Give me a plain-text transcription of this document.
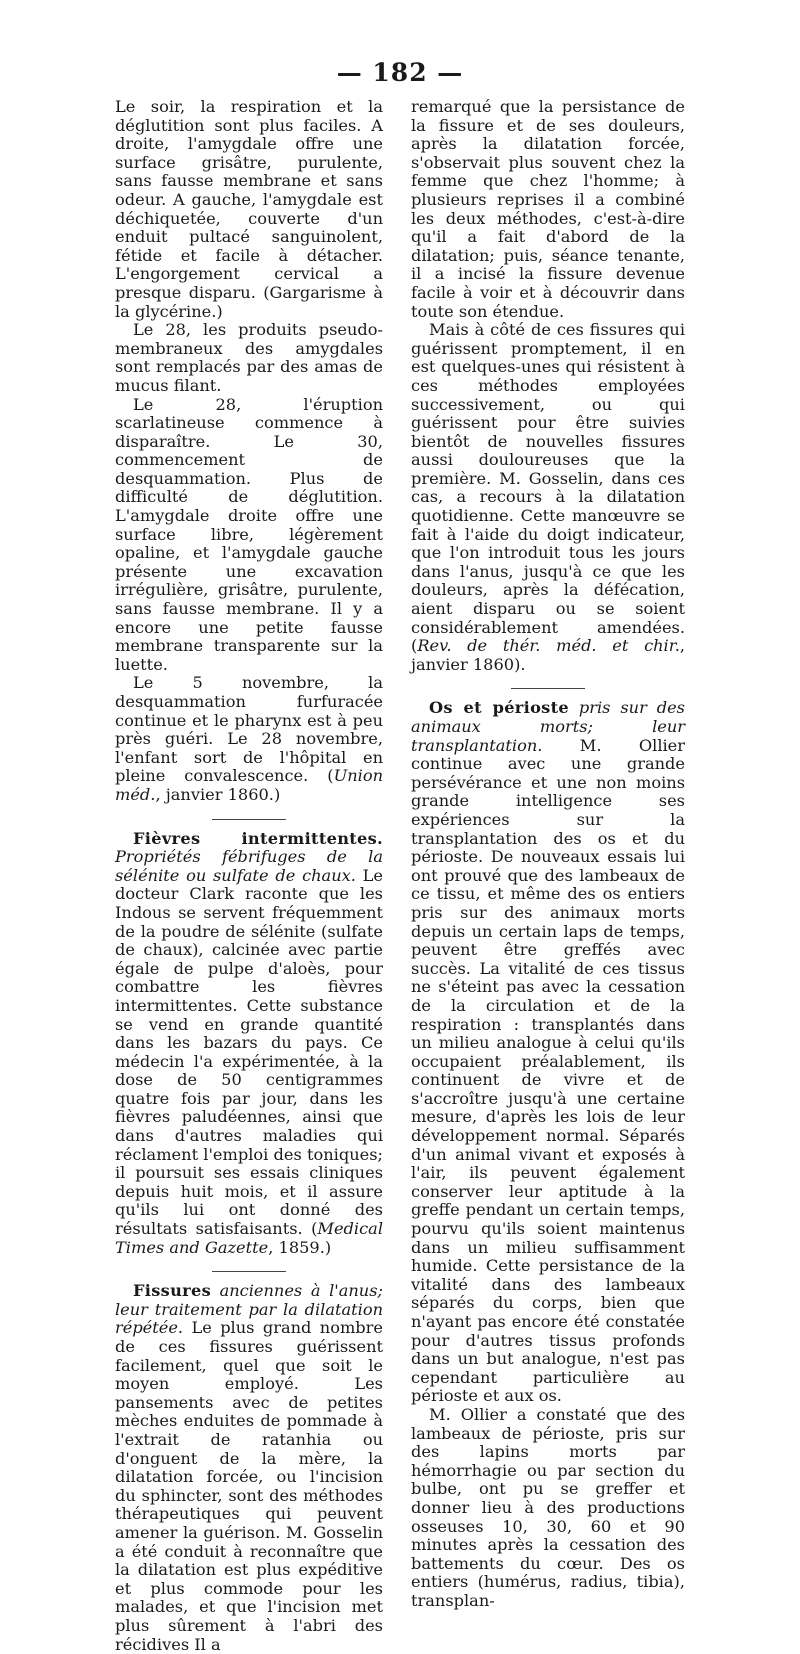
— 182 —

Le soir, la respiration et la déglutition sont plus faciles. A droite, l'amygdale offre une surface grisâtre, purulente, sans fausse membrane et sans odeur. A gauche, l'amygdale est déchiquetée, couverte d'un enduit pultacé sanguinolent, fétide et facile à détacher. L'engorgement cervical a presque disparu. (Gargarisme à la glycérine.)

Le 28, les produits pseudo-membraneux des amygdales sont remplacés par des amas de mucus filant.

Le 28, l'éruption scarlatineuse commence à disparaître. Le 30, commencement de desquammation. Plus de difficulté de déglutition. L'amygdale droite offre une surface libre, légèrement opaline, et l'amygdale gauche présente une excavation irrégulière, grisâtre, purulente, sans fausse membrane. Il y a encore une petite fausse membrane transparente sur la luette.

Le 5 novembre, la desquammation furfuracée continue et le pharynx est à peu près guéri. Le 28 novembre, l'enfant sort de l'hôpital en pleine convalescence. (Union méd., janvier 1860.)

Fièvres intermittentes. Propriétés fébrifuges de la sélénite ou sulfate de chaux. Le docteur Clark raconte que les Indous se servent fréquemment de la poudre de sélénite (sulfate de chaux), calcinée avec partie égale de pulpe d'aloès, pour combattre les fièvres intermittentes. Cette substance se vend en grande quantité dans les bazars du pays. Ce médecin l'a expérimentée, à la dose de 50 centigrammes quatre fois par jour, dans les fièvres paludéennes, ainsi que dans d'autres maladies qui réclament l'emploi des toniques; il poursuit ses essais cliniques depuis huit mois, et il assure qu'ils lui ont donné des résultats satisfaisants. (Medical Times and Gazette, 1859.)

Fissures anciennes à l'anus; leur traitement par la dilatation répétée. Le plus grand nombre de ces fissures guérissent facilement, quel que soit le moyen employé. Les pansements avec de petites mèches enduites de pommade à l'extrait de ratanhia ou d'onguent de la mère, la dilatation forcée, ou l'incision du sphincter, sont des méthodes thérapeutiques qui peuvent amener la guérison. M. Gosselin a été conduit à reconnaître que la dilatation est plus expéditive et plus commode pour les malades, et que l'incision met plus sûrement à l'abri des récidives Il a

remarqué que la persistance de la fissure et de ses douleurs, après la dilatation forcée, s'observait plus souvent chez la femme que chez l'homme; à plusieurs reprises il a combiné les deux méthodes, c'est-à-dire qu'il a fait d'abord de la dilatation; puis, séance tenante, il a incisé la fissure devenue facile à voir et à découvrir dans toute son étendue.

Mais à côté de ces fissures qui guérissent promptement, il en est quelques-unes qui résistent à ces méthodes employées successivement, ou qui guérissent pour être suivies bientôt de nouvelles fissures aussi douloureuses que la première. M. Gosselin, dans ces cas, a recours à la dilatation quotidienne. Cette manœuvre se fait à l'aide du doigt indicateur, que l'on introduit tous les jours dans l'anus, jusqu'à ce que les douleurs, après la défécation, aient disparu ou se soient considérablement amendées. (Rev. de thér. méd. et chir., janvier 1860).

Os et périoste pris sur des animaux morts; leur transplantation. M. Ollier continue avec une grande persévérance et une non moins grande intelligence ses expériences sur la transplantation des os et du périoste. De nouveaux essais lui ont prouvé que des lambeaux de ce tissu, et même des os entiers pris sur des animaux morts depuis un certain laps de temps, peuvent être greffés avec succès. La vitalité de ces tissus ne s'éteint pas avec la cessation de la circulation et de la respiration : transplantés dans un milieu analogue à celui qu'ils occupaient préalablement, ils continuent de vivre et de s'accroître jusqu'à une certaine mesure, d'après les lois de leur développement normal. Séparés d'un animal vivant et exposés à l'air, ils peuvent également conserver leur aptitude à la greffe pendant un certain temps, pourvu qu'ils soient maintenus dans un milieu suffisamment humide. Cette persistance de la vitalité dans des lambeaux séparés du corps, bien que n'ayant pas encore été constatée pour d'autres tissus profonds dans un but analogue, n'est pas cependant particulière au périoste et aux os.

M. Ollier a constaté que des lambeaux de périoste, pris sur des lapins morts par hémorrhagie ou par section du bulbe, ont pu se greffer et donner lieu à des productions osseuses 10, 30, 60 et 90 minutes après la cessation des battements du cœur. Des os entiers (humérus, radius, tibia), transplan-
